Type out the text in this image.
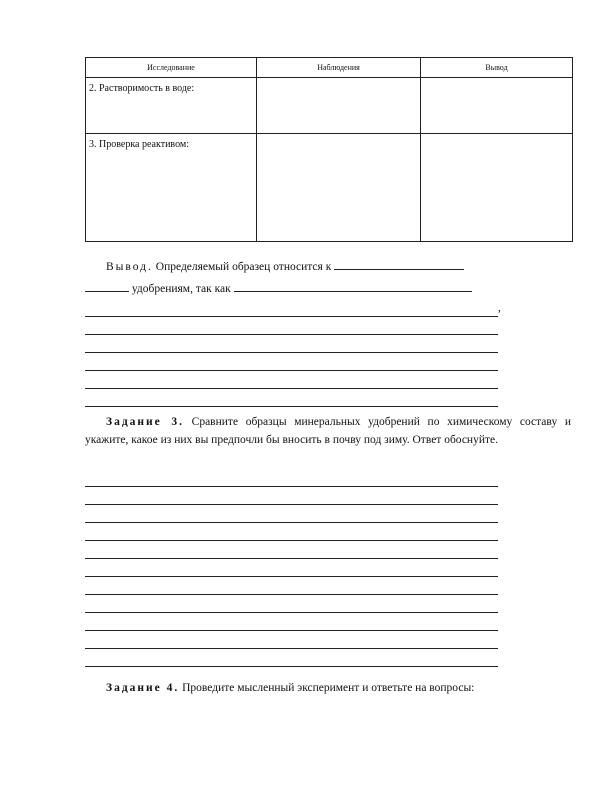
Исследование	Наблюдения	Вывод
2. Растворимость в воде:		
3. Проверка реактивом:		
Вывод. Определяемый образец относится к
удобрениям, так как
,
Задание 3. Сравните образцы минеральных удобрений по химическому составу и укажите, какое из них вы предпочли бы вносить в почву под зиму. Ответ обоснуйте.
Задание 4. Проведите мысленный эксперимент и ответьте на вопросы:
